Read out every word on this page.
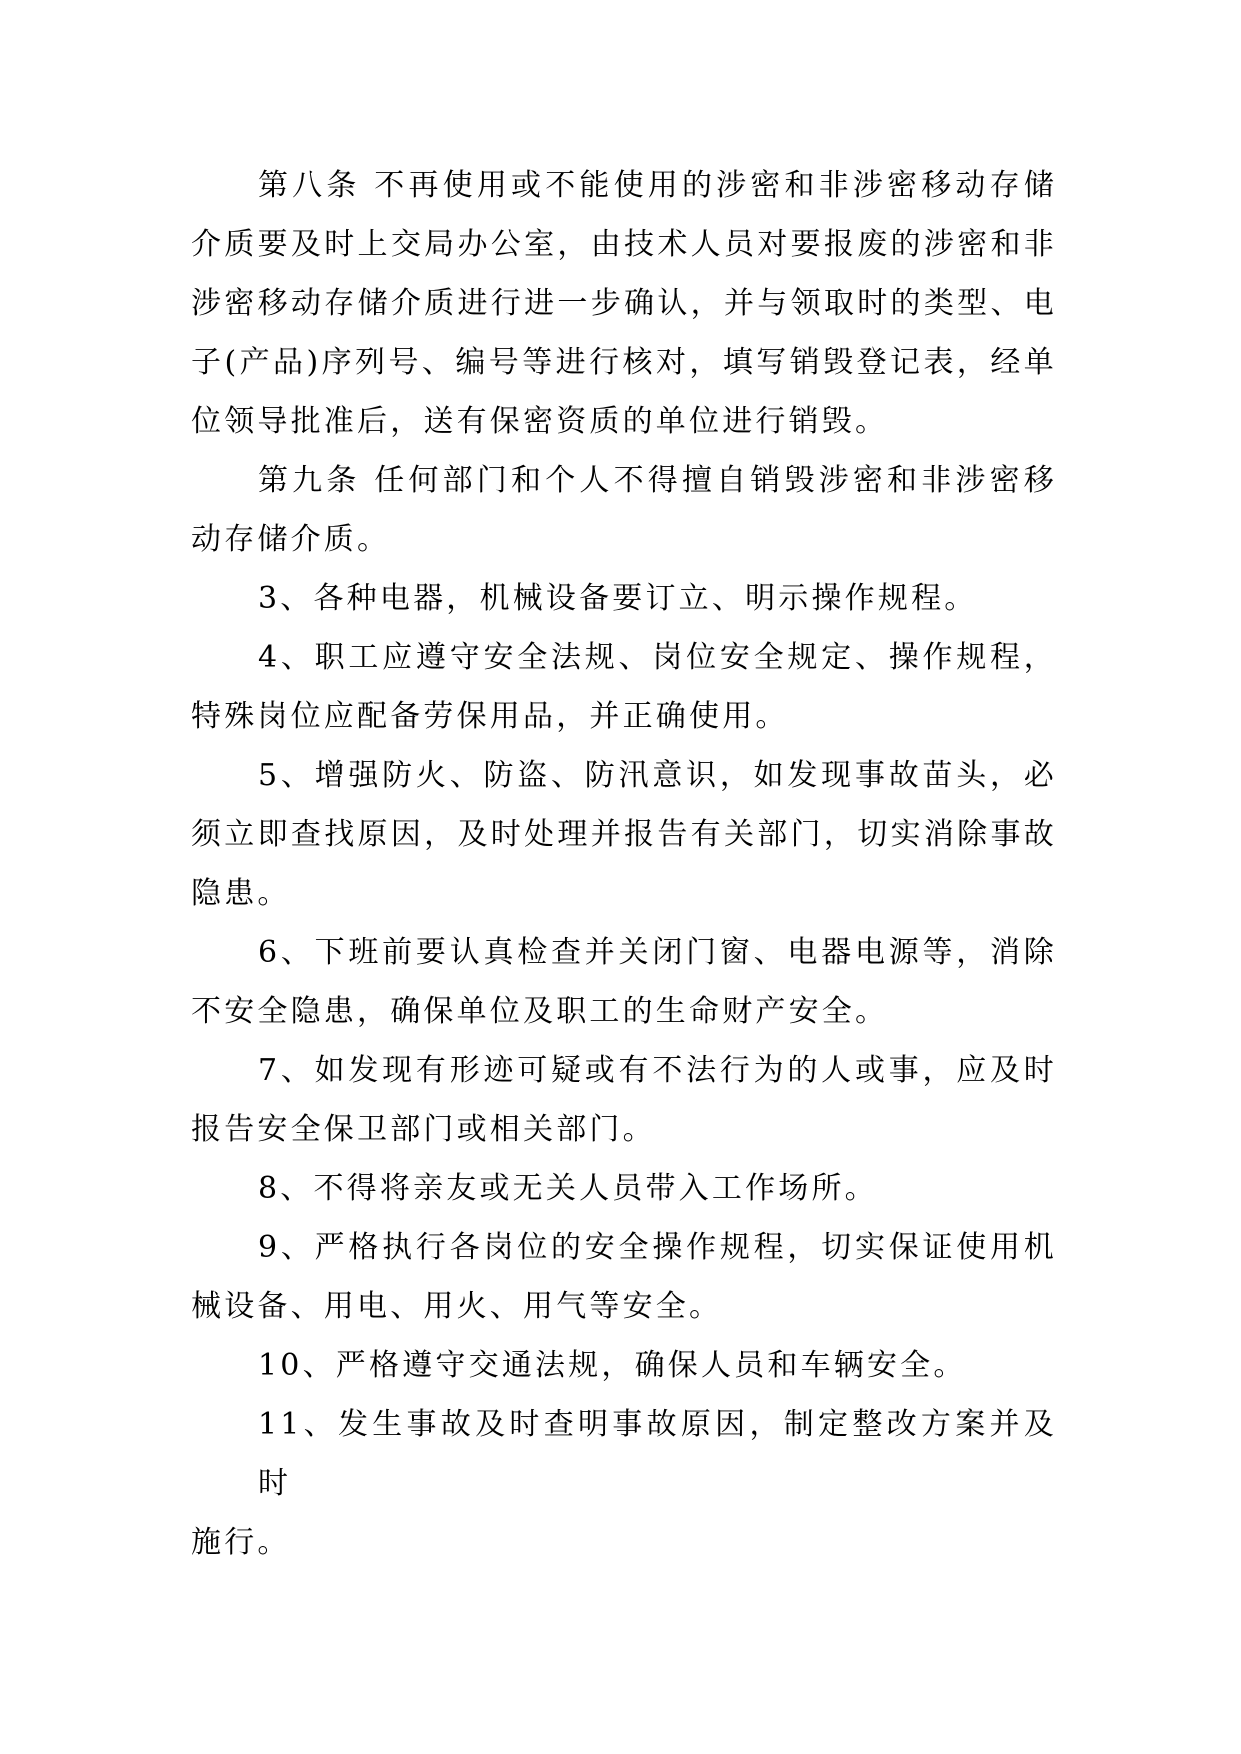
第八条 不再使用或不能使用的涉密和非涉密移动存储
介质要及时上交局办公室，由技术人员对要报废的涉密和非
涉密移动存储介质进行进一步确认，并与领取时的类型、电
子(产品)序列号、编号等进行核对，填写销毁登记表，经单
位领导批准后，送有保密资质的单位进行销毁。
第九条 任何部门和个人不得擅自销毁涉密和非涉密移
动存储介质。
3、各种电器，机械设备要订立、明示操作规程。
4、职工应遵守安全法规、岗位安全规定、操作规程，
特殊岗位应配备劳保用品，并正确使用。
5、增强防火、防盗、防汛意识，如发现事故苗头，必
须立即查找原因，及时处理并报告有关部门，切实消除事故
隐患。
6、下班前要认真检查并关闭门窗、电器电源等，消除
不安全隐患，确保单位及职工的生命财产安全。
7、如发现有形迹可疑或有不法行为的人或事，应及时
报告安全保卫部门或相关部门。
8、不得将亲友或无关人员带入工作场所。
9、严格执行各岗位的安全操作规程，切实保证使用机
械设备、用电、用火、用气等安全。
10、严格遵守交通法规，确保人员和车辆安全。
11、发生事故及时查明事故原因，制定整改方案并及时
施行。
